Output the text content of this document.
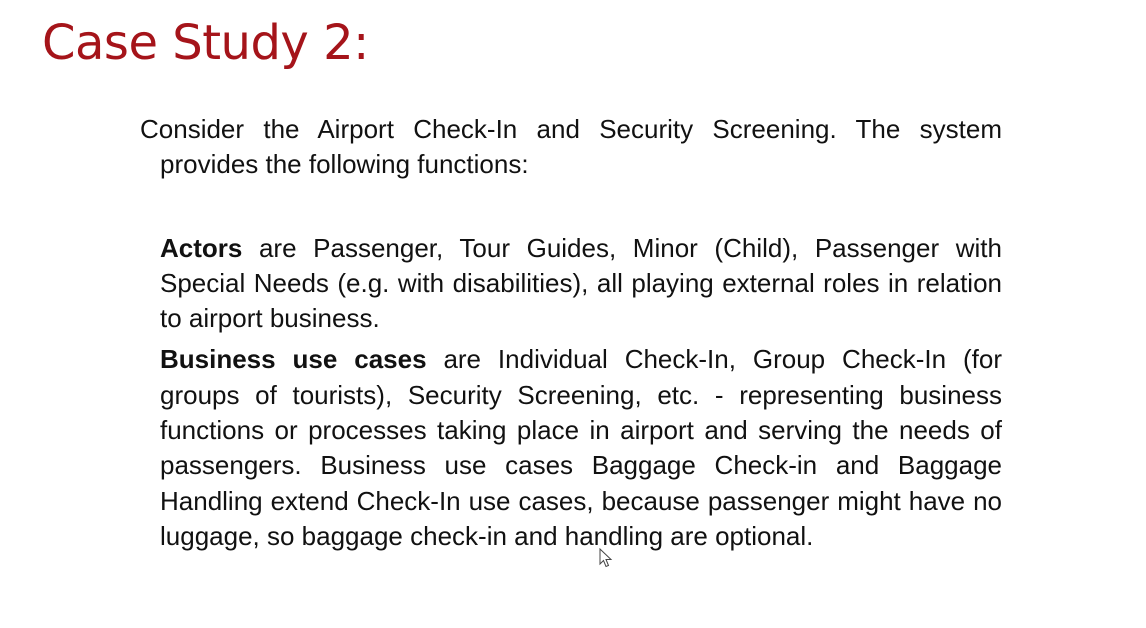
Case Study 2:

Consider the Airport Check-In and Security Screening. The system provides the following functions:

Actors are Passenger, Tour Guides, Minor (Child), Passenger with Special Needs (e.g. with disabilities), all playing external roles in relation to airport business.

Business use cases are Individual Check-In, Group Check-In (for groups of tourists), Security Screening, etc. - representing business functions or processes taking place in airport and serving the needs of passengers. Business use cases Baggage Check-in and Baggage Handling extend Check-In use cases, because passenger might have no luggage, so baggage check-in and handling are optional.
